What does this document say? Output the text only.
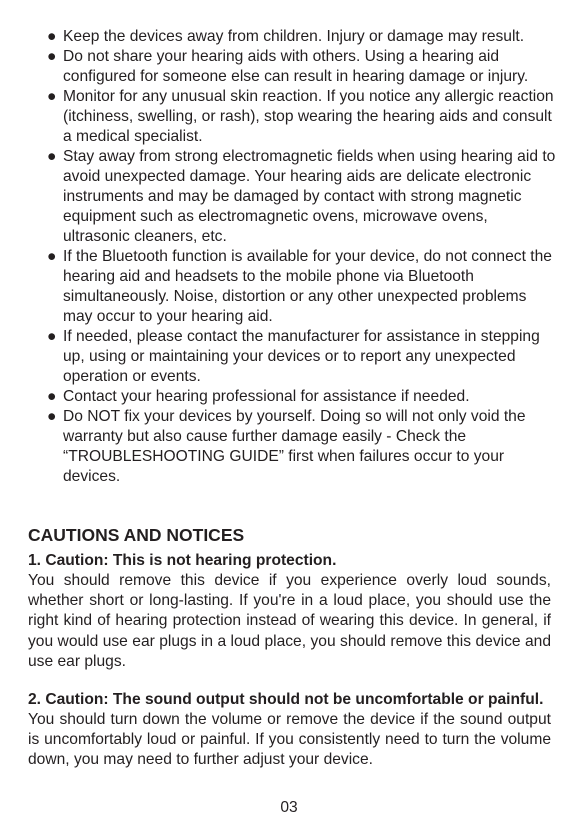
● Keep the devices away from children. Injury or damage may result.
● Do not share your hearing aids with others. Using a hearing aid configured for someone else can result in hearing damage or injury.
● Monitor for any unusual skin reaction. If you notice any allergic reaction (itchiness, swelling, or rash), stop wearing the hearing aids and consult a medical specialist.
● Stay away from strong electromagnetic fields when using hearing aid to avoid unexpected damage. Your hearing aids are delicate electronic instruments and may be damaged by contact with strong magnetic equipment such as electromagnetic ovens, microwave ovens, ultrasonic cleaners, etc.
● If the Bluetooth function is available for your device, do not connect the hearing aid and headsets to the mobile phone via Bluetooth simultaneously. Noise, distortion or any other unexpected problems may occur to your hearing aid.
● If needed, please contact the manufacturer for assistance in stepping up, using or maintaining your devices or to report any unexpected operation or events.
● Contact your hearing professional for assistance if needed.
● Do NOT fix your devices by yourself. Doing so will not only void the warranty but also cause further damage easily - Check the “TROUBLESHOOTING GUIDE” first when failures occur to your devices.
CAUTIONS AND NOTICES
1. Caution: This is not hearing protection.

You should remove this device if you experience overly loud sounds, whether short or long-lasting. If you're in a loud place, you should use the right kind of hearing protection instead of wearing this device. In general, if you would use ear plugs in a loud place, you should remove this device and use ear plugs.

2. Caution: The sound output should not be uncomfortable or painful.

You should turn down the volume or remove the device if the sound output is uncomfortably loud or painful. If you consistently need to turn the volume down, you may need to further adjust your device.

03
